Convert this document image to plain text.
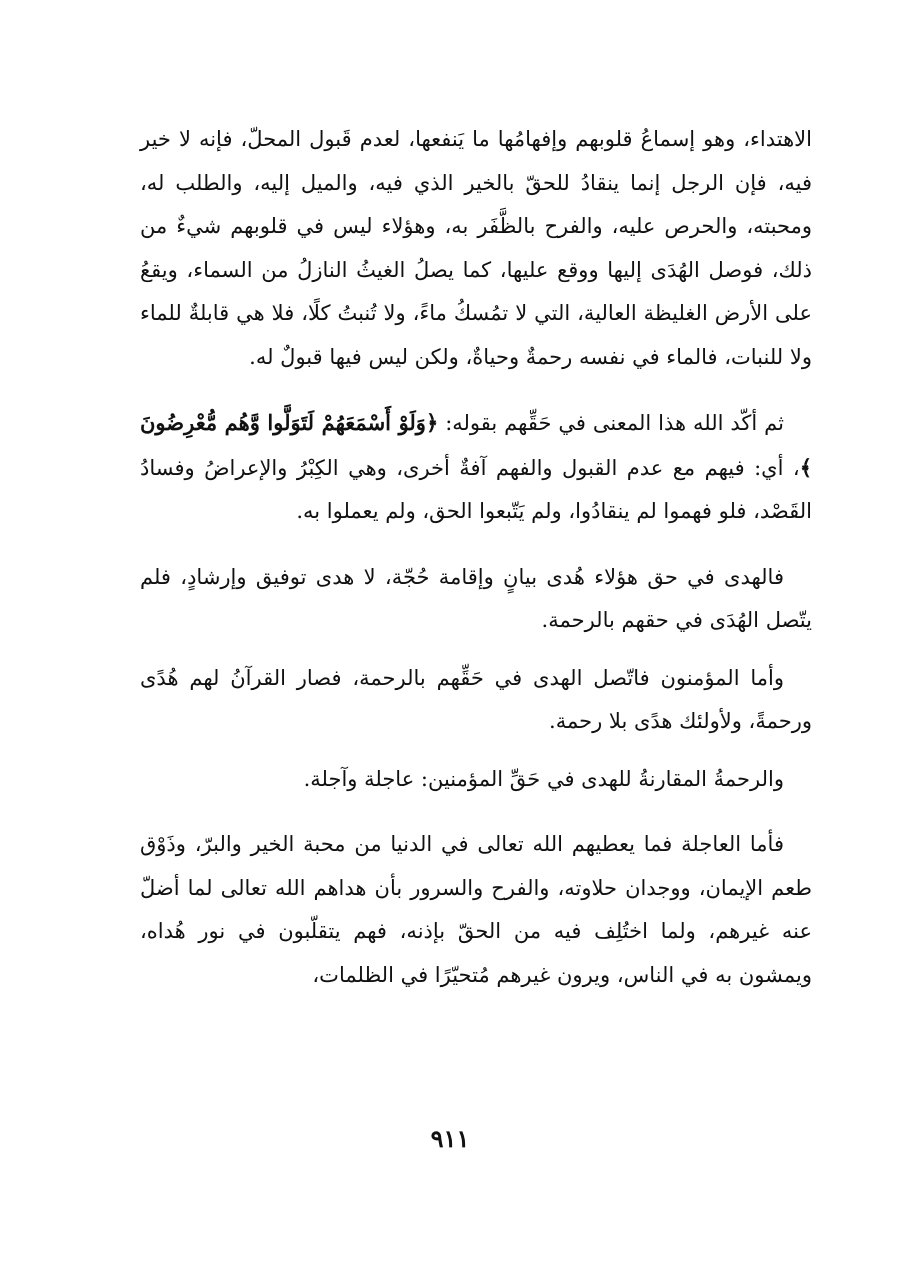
الاهتداء، وهو إسماعُ قلوبهم وإفهامُها ما يَنفعها، لعدم قَبول المحلّ، فإنه لا خير فيه، فإن الرجل إنما ينقادُ للحقّ بالخير الذي فيه، والميل إليه، والطلب له، ومحبته، والحرص عليه، والفرح بالظَّفَر به، وهؤلاء ليس في قلوبهم شيءٌ من ذلك، فوصل الهُدَى إليها ووقع عليها، كما يصلُ الغيثُ النازلُ من السماء، ويقعُ على الأرض الغليظة العالية، التي لا تمُسكُ ماءً، ولا تُنبتُ كلًا، فلا هي قابلةٌ للماء ولا للنبات، فالماء في نفسه رحمةٌ وحياةٌ، ولكن ليس فيها قبولٌ له.

ثم أكّد الله هذا المعنى في حَقِّهم بقوله: ﴿وَلَوْ أَسْمَعَهُمْ لَتَوَلَّوا وَّهُم مُّعْرِضُونَ ﴾، أي: فيهم مع عدم القبول والفهم آفةٌ أخرى، وهي الكِبْرُ والإعراضُ وفسادُ القَصْد، فلو فهموا لم ينقادُوا، ولم يَتّبعوا الحق، ولم يعملوا به.

فالهدى في حق هؤلاء هُدى بيانٍ وإقامة حُجّة، لا هدى توفيق وإرشادٍ، فلم يتّصل الهُدَى في حقهم بالرحمة.

وأما المؤمنون فاتّصل الهدى في حَقِّهم بالرحمة، فصار القرآنُ لهم هُدًى ورحمةً، ولأولئك هدًى بلا رحمة.

والرحمةُ المقارنةُ للهدى في حَقِّ المؤمنين: عاجلة وآجلة.

فأما العاجلة فما يعطيهم الله تعالى في الدنيا من محبة الخير والبرّ، وذَوْق طعم الإيمان، ووجدان حلاوته، والفرح والسرور بأن هداهم الله تعالى لما أضلّ عنه غيرهم، ولما اختُلِف فيه من الحقّ بإذنه، فهم يتقلّبون في نور هُداه، ويمشون به في الناس، ويرون غيرهم مُتحيّرًا في الظلمات،

٩١١
